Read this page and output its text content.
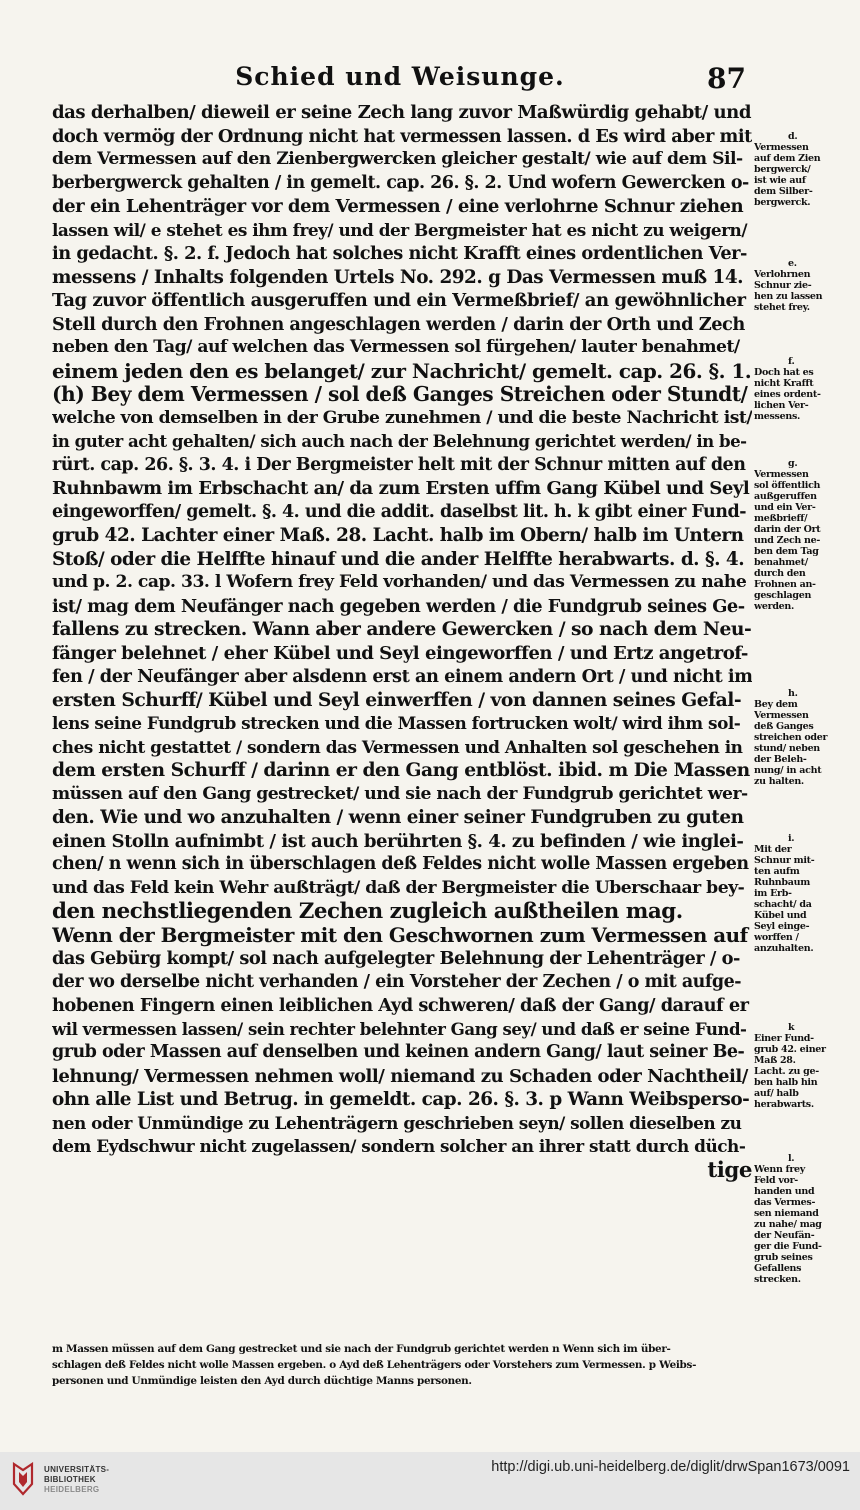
Schied und Weisunge.	87
das derhalben/ dieweil er seine Zech lang zuvor Maßwürdig gehabt/ und
doch vermög der Ordnung nicht hat vermessen lassen. d Es wird aber mit
dem Vermessen auf den Zienbergwercken gleicher gestalt/ wie auf dem Sil-
berbergwerck gehalten / in gemelt. cap. 26. §. 2. Und wofern Gewercken o-
der ein Lehenträger vor dem Vermessen / eine verlohrne Schnur ziehen
lassen wil/ e stehet es ihm frey/ und der Bergmeister hat es nicht zu weigern/
in gedacht. §. 2. f. Jedoch hat solches nicht Krafft eines ordentlichen Ver-
messens / Inhalts folgenden Urtels No. 292. g Das Vermessen muß 14.
Tag zuvor öffentlich ausgeruffen und ein Vermeßbrief/ an gewöhnlicher
Stell durch den Frohnen angeschlagen werden / darin der Orth und Zech
neben den Tag/ auf welchen das Vermessen sol fürgehen/ lauter benahmet/
einem jeden den es belanget/ zur Nachricht/ gemelt. cap. 26. §. 1.
(h) Bey dem Vermessen / sol deß Ganges Streichen oder Stundt/
welche von demselben in der Grube zunehmen / und die beste Nachricht ist/
in guter acht gehalten/ sich auch nach der Belehnung gerichtet werden/ in be-
rürt. cap. 26. §. 3. 4. i Der Bergmeister helt mit der Schnur mitten auf den
Ruhnbawm im Erbschacht an/ da zum Ersten uffm Gang Kübel und Seyl
eingeworffen/ gemelt. §. 4. und die addit. daselbst lit. h. k gibt einer Fund-
grub 42. Lachter einer Maß. 28. Lacht. halb im Obern/ halb im Untern
Stoß/ oder die Helffte hinauf und die ander Helffte herabwarts. d. §. 4.
und p. 2. cap. 33. l Wofern frey Feld vorhanden/ und das Vermessen zu nahe
ist/ mag dem Neufänger nach gegeben werden / die Fundgrub seines Ge-
fallens zu strecken. Wann aber andere Gewercken / so nach dem Neu-
fänger belehnet / eher Kübel und Seyl eingeworffen / und Ertz angetrof-
fen / der Neufänger aber alsdenn erst an einem andern Ort / und nicht im
ersten Schurff/ Kübel und Seyl einwerffen / von dannen seines Gefal-
lens seine Fundgrub strecken und die Massen fortrucken wolt/ wird ihm sol-
ches nicht gestattet / sondern das Vermessen und Anhalten sol geschehen in
dem ersten Schurff / darinn er den Gang entblöst. ibid. m Die Massen
müssen auf den Gang gestrecket/ und sie nach der Fundgrub gerichtet wer-
den. Wie und wo anzuhalten / wenn einer seiner Fundgruben zu guten
einen Stolln aufnimbt / ist auch berührten §. 4. zu befinden / wie inglei-
chen/ n wenn sich in überschlagen deß Feldes nicht wolle Massen ergeben
und das Feld kein Wehr außträgt/ daß der Bergmeister die Uberschaar bey-
den nechstliegenden Zechen zugleich außtheilen mag.
Wenn der Bergmeister mit den Geschwornen zum Vermessen auf
das Gebürg kompt/ sol nach aufgelegter Belehnung der Lehenträger / o-
der wo derselbe nicht verhanden / ein Vorsteher der Zechen / o mit aufge-
hobenen Fingern einen leiblichen Ayd schweren/ daß der Gang/ darauf er
wil vermessen lassen/ sein rechter belehnter Gang sey/ und daß er seine Fund-
grub oder Massen auf denselben und keinen andern Gang/ laut seiner Be-
lehnung/ Vermessen nehmen woll/ niemand zu Schaden oder Nachtheil/
ohn alle List und Betrug. in gemeldt. cap. 26. §. 3. p Wann Weibsperso-
nen oder Unmündige zu Lehenträgern geschrieben seyn/ sollen dieselben zu
dem Eydschwur nicht zugelassen/ sondern solcher an ihrer statt durch düch-
tige
d.
Vermessen
auf dem Zien
bergwerck/
ist wie auf
dem Silber-
bergwerck.
e.
Verlohrnen
Schnur zie-
hen zu lassen
stehet frey.
f.
Doch hat es
nicht Krafft
eines ordent-
lichen Ver-
messens.
g.
Vermessen
sol öffentlich
außgeruffen
und ein Ver-
meßbrieff/
darin der Ort
und Zech ne-
ben dem Tag
benahmet/
durch den
Frohnen an-
geschlagen
werden.
h.
Bey dem
Vermessen
deß Ganges
streichen oder
stund/ neben
der Beleh-
nung/ in acht
zu halten.
i.
Mit der
Schnur mit-
ten aufm
Ruhnbaum
im Erb-
schacht/ da
Kübel und
Seyl einge-
worffen /
anzuhalten.
k
Einer Fund-
grub 42. einer
Maß 28.
Lacht. zu ge-
ben halb hin
auf/ halb
herabwarts.
l.
Wenn frey
Feld vor-
handen und
das Vermes-
sen niemand
zu nahe/ mag
der Neufän-
ger die Fund-
grub seines
Gefallens
strecken.
m Massen müssen auf dem Gang gestrecket und sie nach der Fundgrub gerichtet werden n Wenn sich im über-
schlagen deß Feldes nicht wolle Massen ergeben. o Ayd deß Lehenträgers oder Vorstehers zum Vermessen. p Weibs-
personen und Unmündige leisten den Ayd durch düchtige Manns personen.
UNIVERSITÄTS-
BIBLIOTHEK
HEIDELBERG
http://digi.ub.uni-heidelberg.de/diglit/drwSpan1673/0091
